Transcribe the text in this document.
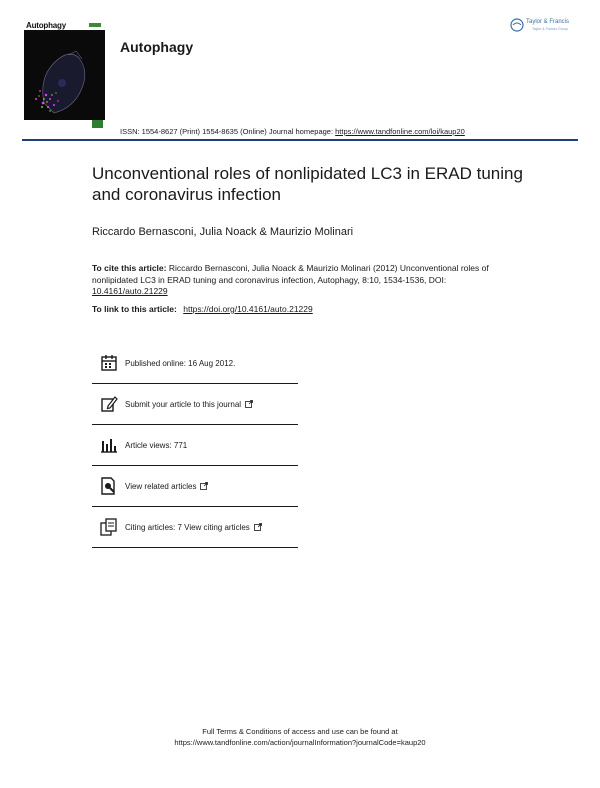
Autophagy
Autophagy
Taylor & Francis
Taylor & Francis Group
ISSN: 1554-8627 (Print) 1554-8635 (Online) Journal homepage: https://www.tandfonline.com/loi/kaup20
Unconventional roles of nonlipidated LC3 in ERAD tuning and coronavirus infection
Riccardo Bernasconi, Julia Noack & Maurizio Molinari
To cite this article: Riccardo Bernasconi, Julia Noack & Maurizio Molinari (2012) Unconventional roles of nonlipidated LC3 in ERAD tuning and coronavirus infection, Autophagy, 8:10, 1534-1536, DOI: 10.4161/auto.21229
To link to this article: https://doi.org/10.4161/auto.21229
Published online: 16 Aug 2012.
Submit your article to this journal
Article views: 771
View related articles
Citing articles: 7 View citing articles
Full Terms & Conditions of access and use can be found at
https://www.tandfonline.com/action/journalInformation?journalCode=kaup20
